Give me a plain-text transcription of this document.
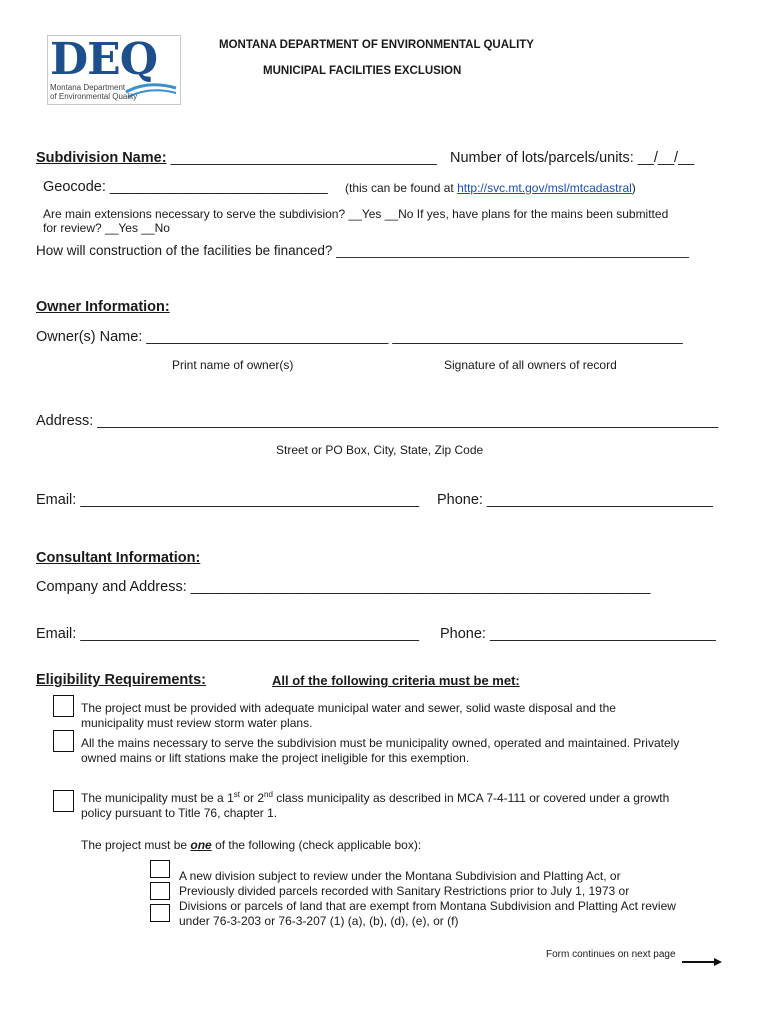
DEQ
Montana Department
of Environmental Quality
MONTANA DEPARTMENT OF ENVIRONMENTAL QUALITY
MUNICIPAL FACILITIES EXCLUSION
Subdivision Name: _________________________________ Number of lots/parcels/units: __/__/__
Geocode: ___________________________ (this can be found at http://svc.mt.gov/msl/mtcadastral)
Are main extensions necessary to serve the subdivision? __Yes __No If yes, have plans for the mains been submitted
for review? __Yes __No
How will construction of the facilities be financed? _______________________________________________
Owner Information:
Owner(s) Name: ______________________________ ____________________________________
Print name of owner(s)	Signature of all owners of record
Address: _____________________________________________________________________________
Street or PO Box, City, State, Zip Code
Email: __________________________________________ Phone: ____________________________
Consultant Information:
Company and Address: _________________________________________________________
Email: __________________________________________ Phone: ____________________________
Eligibility Requirements:	All of the following criteria must be met:
The project must be provided with adequate municipal water and sewer, solid waste disposal and the
municipality must review storm water plans.
All the mains necessary to serve the subdivision must be municipality owned, operated and maintained. Privately
owned mains or lift stations make the project ineligible for this exemption.
The municipality must be a 1st or 2nd class municipality as described in MCA 7-4-111 or covered under a growth
policy pursuant to Title 76, chapter 1.
The project must be one of the following (check applicable box):
A new division subject to review under the Montana Subdivision and Platting Act, or
Previously divided parcels recorded with Sanitary Restrictions prior to July 1, 1973 or
Divisions or parcels of land that are exempt from Montana Subdivision and Platting Act review
under 76-3-203 or 76-3-207 (1) (a), (b), (d), (e), or (f)
Form continues on next page
